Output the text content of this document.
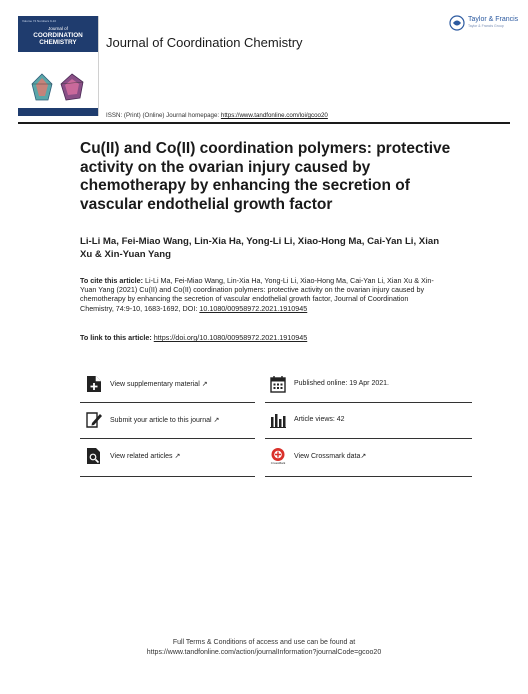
Volume 74 Numbers 9-10
Journal of
COORDINATION
CHEMISTRY	Journal of Coordination Chemistry
Taylor & Francis
Taylor & Francis Group
ISSN: (Print) (Online) Journal homepage: https://www.tandfonline.com/loi/gcoo20
Cu(II) and Co(II) coordination polymers: protective activity on the ovarian injury caused by chemotherapy by enhancing the secretion of vascular endothelial growth factor
Li-Li Ma, Fei-Miao Wang, Lin-Xia Ha, Yong-Li Li, Xiao-Hong Ma, Cai-Yan Li, Xian Xu & Xin-Yuan Yang
To cite this article: Li-Li Ma, Fei-Miao Wang, Lin-Xia Ha, Yong-Li Li, Xiao-Hong Ma, Cai-Yan Li, Xian Xu & Xin-Yuan Yang (2021) Cu(II) and Co(II) coordination polymers: protective activity on the ovarian injury caused by chemotherapy by enhancing the secretion of vascular endothelial growth factor, Journal of Coordination Chemistry, 74:9-10, 1683-1692, DOI: 10.1080/00958972.2021.1910945
To link to this article: https://doi.org/10.1080/00958972.2021.1910945
View supplementary material ↗	Published online: 19 Apr 2021.
Submit your article to this journal ↗	Article views: 42
View related articles ↗
CrossMark
View Crossmark data↗
Full Terms & Conditions of access and use can be found at
https://www.tandfonline.com/action/journalInformation?journalCode=gcoo20
